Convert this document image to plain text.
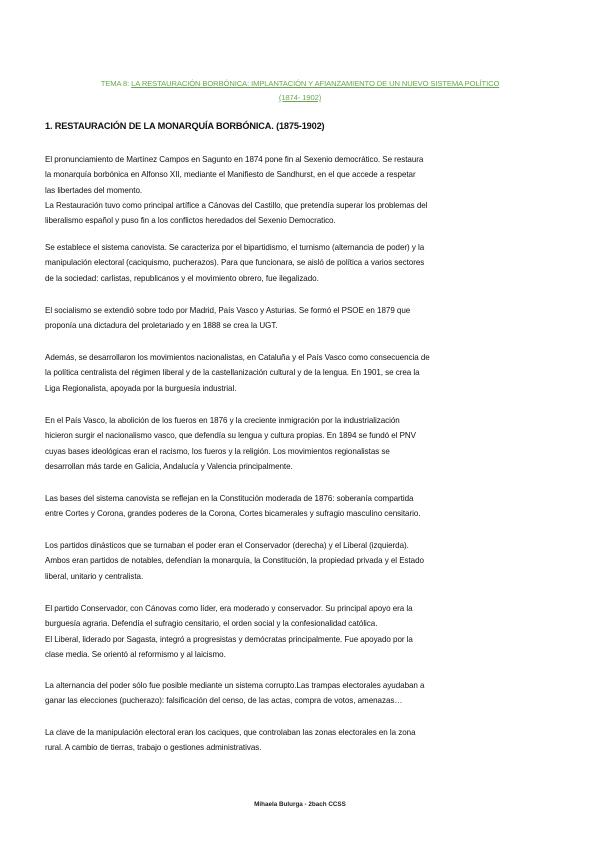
TEMA 8: LA RESTAURACIÓN BORBÓNICA: IMPLANTACIÓN Y AFIANZAMIENTO DE UN NUEVO SISTEMA POLÍTICO
(1874- 1902)
1. RESTAURACIÓN DE LA MONARQUÍA BORBÓNICA. (1875-1902)

El pronunciamiento de Martínez Campos en Sagunto en 1874 pone fin al Sexenio democrático. Se restaura
la monarquía borbónica en Alfonso XII, mediante el Manifiesto de Sandhurst, en el que accede a respetar
las libertades del momento.
La Restauración tuvo como principal artífice a Cánovas del Castillo, que pretendía superar los problemas del
liberalismo español y puso fin a los conflictos heredados del Sexenio Democratico.

Se establece el sistema canovista. Se caracteriza por el bipartidismo, el turnismo (alternancia de poder) y la
manipulación electoral (caciquismo, pucherazos). Para que funcionara, se aisló de política a varios sectores
de la sociedad: carlistas, republicanos y el movimiento obrero, fue ilegalizado.

El socialismo se extendió sobre todo por Madrid, País Vasco y Asturias. Se formó el PSOE en 1879 que
proponía una dictadura del proletariado y en 1888 se crea la UGT.

Además, se desarrollaron los movimientos nacionalistas, en Cataluña y el País Vasco como consecuencia de
la política centralista del régimen liberal y de la castellanización cultural y de la lengua. En 1901, se crea la
Liga Regionalista, apoyada por la burguesía industrial.

En el País Vasco, la abolición de los fueros en 1876 y la creciente inmigración por la industrialización
hicieron surgir el nacionalismo vasco, que defendía su lengua y cultura propias. En 1894 se fundó el PNV
cuyas bases ideológicas eran el racismo, los fueros y la religión. Los movimientos regionalistas se
desarrollan más tarde en Galicia, Andalucía y Valencia principalmente.

Las bases del sistema canovista se reflejan en la Constitución moderada de 1876: soberanía compartida
entre Cortes y Corona, grandes poderes de la Corona, Cortes bicamerales y sufragio masculino censitario.

Los partidos dinásticos que se turnaban el poder eran el Conservador (derecha) y el Liberal (izquierda).
Ambos eran partidos de notables, defendían la monarquía, la Constitución, la propiedad privada y el Estado
liberal, unitario y centralista.

El partido Conservador, con Cánovas como líder, era moderado y conservador. Su principal apoyo era la
burguesía agraria. Defendía el sufragio censitario, el orden social y la confesionalidad católica.
El Liberal, liderado por Sagasta, integró a progresistas y demócratas principalmente. Fue apoyado por la
clase media. Se orientó al reformismo y al laicismo.

La alternancia del poder sólo fue posible mediante un sistema corrupto.Las trampas electorales ayudaban a
ganar las elecciones (pucherazo): falsificación del censo, de las actas, compra de votos, amenazas…

La clave de la manipulación electoral eran los caciques, que controlaban las zonas electorales en la zona
rural. A cambio de tierras, trabajo o gestiones administrativas.

Mihaela Bulurga - 2bach CCSS
